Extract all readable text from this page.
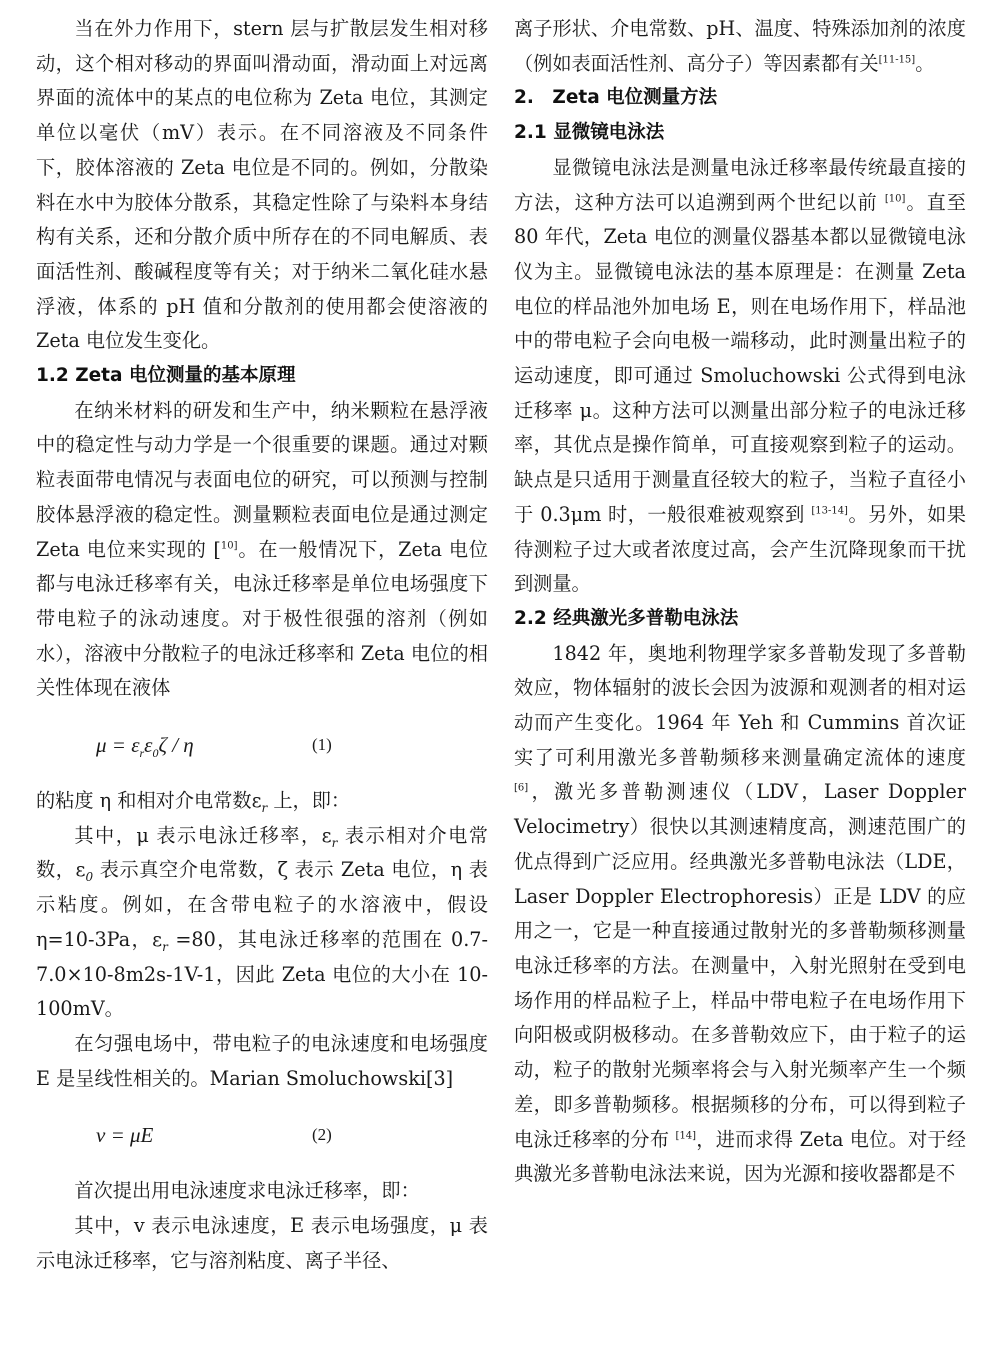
当在外力作用下，stern 层与扩散层发生相对移动，这个相对移动的界面叫滑动面，滑动面上对远离界面的流体中的某点的电位称为 Zeta 电位，其测定单位以毫伏（mV）表示。在不同溶液及不同条件下，胶体溶液的 Zeta 电位是不同的。例如，分散染料在水中为胶体分散系，其稳定性除了与染料本身结构有关系，还和分散介质中所存在的不同电解质、表面活性剂、酸碱程度等有关；对于纳米二氧化硅水悬浮液，体系的 pH 值和分散剂的使用都会使溶液的 Zeta 电位发生变化。

1.2 Zeta 电位测量的基本原理

在纳米材料的研发和生产中，纳米颗粒在悬浮液中的稳定性与动力学是一个很重要的课题。通过对颗粒表面带电情况与表面电位的研究，可以预测与控制胶体悬浮液的稳定性。测量颗粒表面电位是通过测定 Zeta 电位来实现的 [$^{10]}$。在一般情况下，Zeta 电位都与电泳迁移率有关，电泳迁移率是单位电场强度下带电粒子的泳动速度。对于极性很强的溶剂（例如水），溶液中分散粒子的电泳迁移率和 Zeta 电位的相关性体现在液体

$\mu = \varepsilon_r\varepsilon_0\zeta / \eta$	(1)

的粘度 η 和相对介电常数$\varepsilon_r$ 上，即：

其中，μ 表示电泳迁移率，$\varepsilon_r$ 表示相对介电常数，$\varepsilon_0$ 表示真空介电常数，ζ 表示 Zeta 电位，η 表示粘度。例如，在含带电粒子的水溶液中，假设 η=10-3Pa，$\varepsilon_r =80$，其电泳迁移率的范围在 0.7-7.0×10-8m2s-1V-1，因此 Zeta 电位的大小在 10-100mV。

在匀强电场中，带电粒子的电泳速度和电场强度 E 是呈线性相关的。Marian Smoluchowski[3]

v = μE	(2)

首次提出用电泳速度求电泳迁移率，即：

其中，v 表示电泳速度，E 表示电场强度，μ 表示电泳迁移率，它与溶剂粘度、离子半径、

离子形状、介电常数、pH、温度、特殊添加剂的浓度（例如表面活性剂、高分子）等因素都有关[11-15]。

2.　Zeta 电位测量方法
2.1 显微镜电泳法

显微镜电泳法是测量电泳迁移率最传统最直接的方法，这种方法可以追溯到两个世纪以前 [10]。直至 80 年代，Zeta 电位的测量仪器基本都以显微镜电泳仪为主。显微镜电泳法的基本原理是：在测量 Zeta 电位的样品池外加电场 E，则在电场作用下，样品池中的带电粒子会向电极一端移动，此时测量出粒子的运动速度，即可通过 Smoluchowski 公式得到电泳迁移率 μ。这种方法可以测量出部分粒子的电泳迁移率，其优点是操作简单，可直接观察到粒子的运动。缺点是只适用于测量直径较大的粒子，当粒子直径小于 0.3μm 时，一般很难被观察到 [13-14]。另外，如果待测粒子过大或者浓度过高，会产生沉降现象而干扰到测量。

2.2 经典激光多普勒电泳法

1842 年，奥地利物理学家多普勒发现了多普勒效应，物体辐射的波长会因为波源和观测者的相对运动而产生变化。1964 年 Yeh 和 Cummins 首次证实了可利用激光多普勒频移来测量确定流体的速度 [6]，激光多普勒测速仪（LDV，Laser Doppler Velocimetry）很快以其测速精度高，测速范围广的优点得到广泛应用。经典激光多普勒电泳法（LDE，Laser Doppler Electrophoresis）正是 LDV 的应用之一，它是一种直接通过散射光的多普勒频移测量电泳迁移率的方法。在测量中，入射光照射在受到电场作用的样品粒子上，样品中带电粒子在电场作用下向阳极或阴极移动。在多普勒效应下，由于粒子的运动，粒子的散射光频率将会与入射光频率产生一个频差，即多普勒频移。根据频移的分布，可以得到粒子电泳迁移率的分布 [14]，进而求得 Zeta 电位。对于经典激光多普勒电泳法来说，因为光源和接收器都是不
